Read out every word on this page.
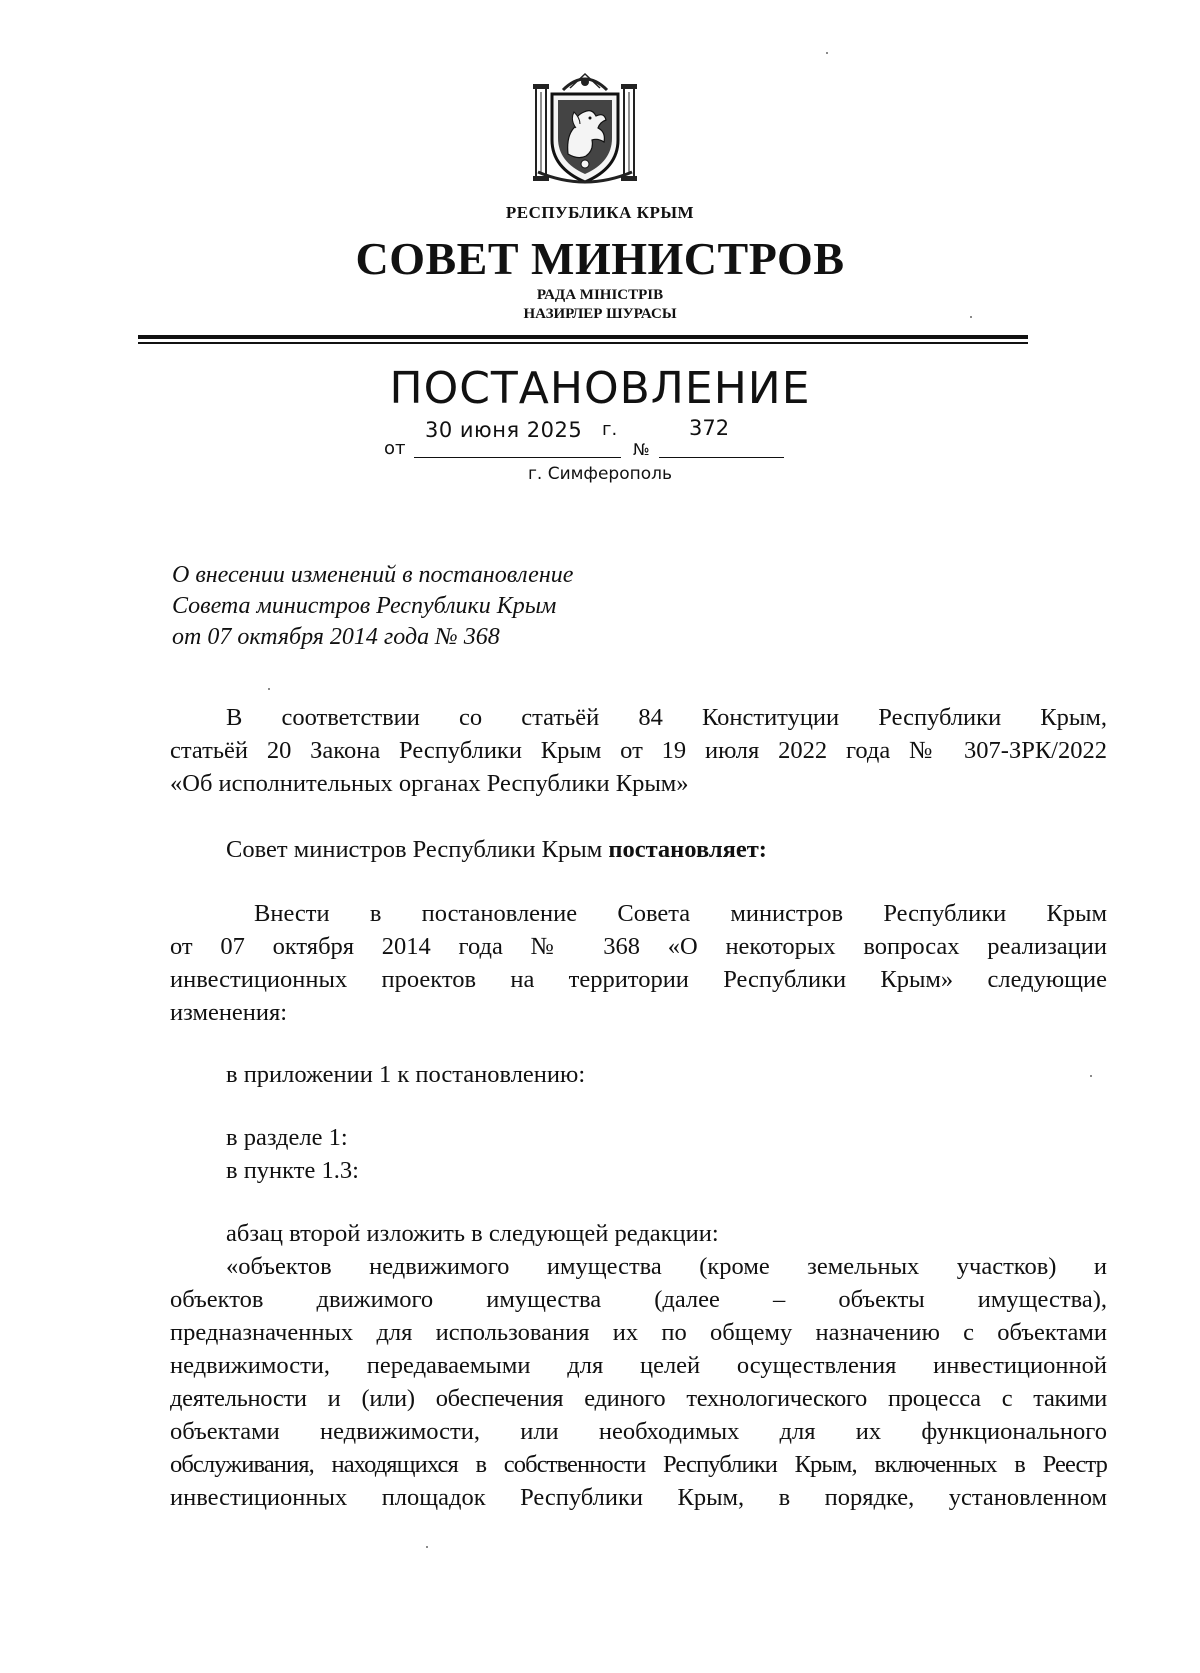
РЕСПУБЛИКА КРЫМ
СОВЕТ МИНИСТРОВ
РАДА МІНІСТРІВ
НАЗИРЛЕР ШУРАСЫ
ПОСТАНОВЛЕНИЕ
от
30 июня 2025 г.
№
372
г. Симферополь
О внесении изменений в постановление
Совета министров Республики Крым
от 07 октября 2014 года № 368
В соответствии со статьёй 84 Конституции Республики Крым,
статьёй 20 Закона Республики Крым от 19 июля 2022 года № 307-ЗРК/2022
«Об исполнительных органах Республики Крым»
Совет министров Республики Крым постановляет:
Внести в постановление Совета министров Республики Крым
от 07 октября 2014 года № 368 «О некоторых вопросах реализации
инвестиционных проектов на территории Республики Крым» следующие
изменения:
в приложении 1 к постановлению:
в разделе 1:
в пункте 1.3:
абзац второй изложить в следующей редакции:
«объектов недвижимого имущества (кроме земельных участков) и
объектов движимого имущества (далее – объекты имущества),
предназначенных для использования их по общему назначению с объектами
недвижимости, передаваемыми для целей осуществления инвестиционной
деятельности и (или) обеспечения единого технологического процесса с такими
объектами недвижимости, или необходимых для их функционального
обслуживания, находящихся в собственности Республики Крым, включенных в Реестр
инвестиционных площадок Республики Крым, в порядке, установленном
